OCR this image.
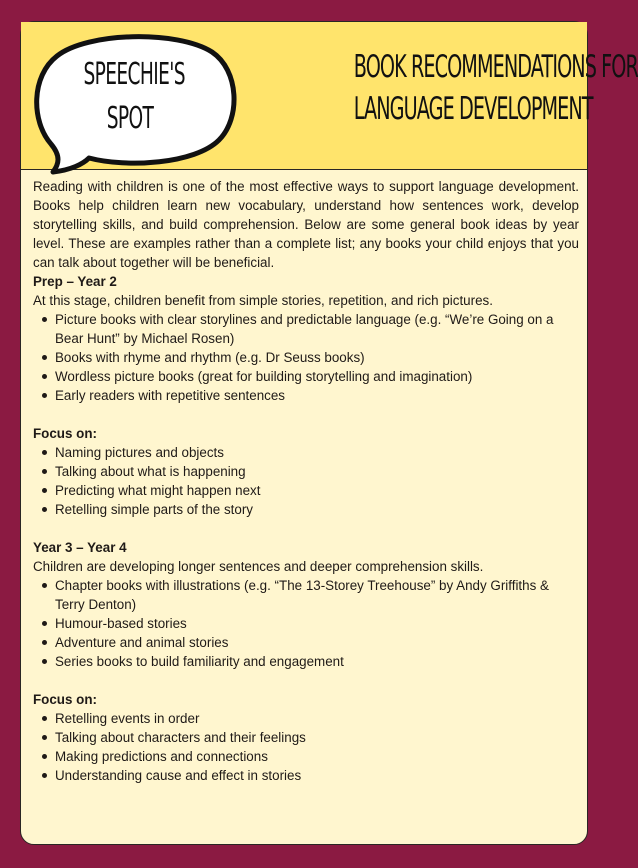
SPEECHIE'S
SPOT
BOOK RECOMMENDATIONS FOR
LANGUAGE DEVELOPMENT

Reading with children is one of the most effective ways to support language development. Books help children learn new vocabulary, understand how sentences work, develop storytelling skills, and build comprehension. Below are some general book ideas by year level. These are examples rather than a complete list; any books your child enjoys that you can talk about together will be beneficial.

Prep – Year 2

At this stage, children benefit from simple stories, repetition, and rich pictures.

Picture books with clear storylines and predictable language (e.g. “We’re Going on a Bear Hunt” by Michael Rosen)
Books with rhyme and rhythm (e.g. Dr Seuss books)
Wordless picture books (great for building storytelling and imagination)
Early readers with repetitive sentences
Focus on:
Naming pictures and objects
Talking about what is happening
Predicting what might happen next
Retelling simple parts of the story
Year 3 – Year 4

Children are developing longer sentences and deeper comprehension skills.

Chapter books with illustrations (e.g. “The 13-Storey Treehouse” by Andy Griffiths & Terry Denton)
Humour-based stories
Adventure and animal stories
Series books to build familiarity and engagement
Focus on:
Retelling events in order
Talking about characters and their feelings
Making predictions and connections
Understanding cause and effect in stories
